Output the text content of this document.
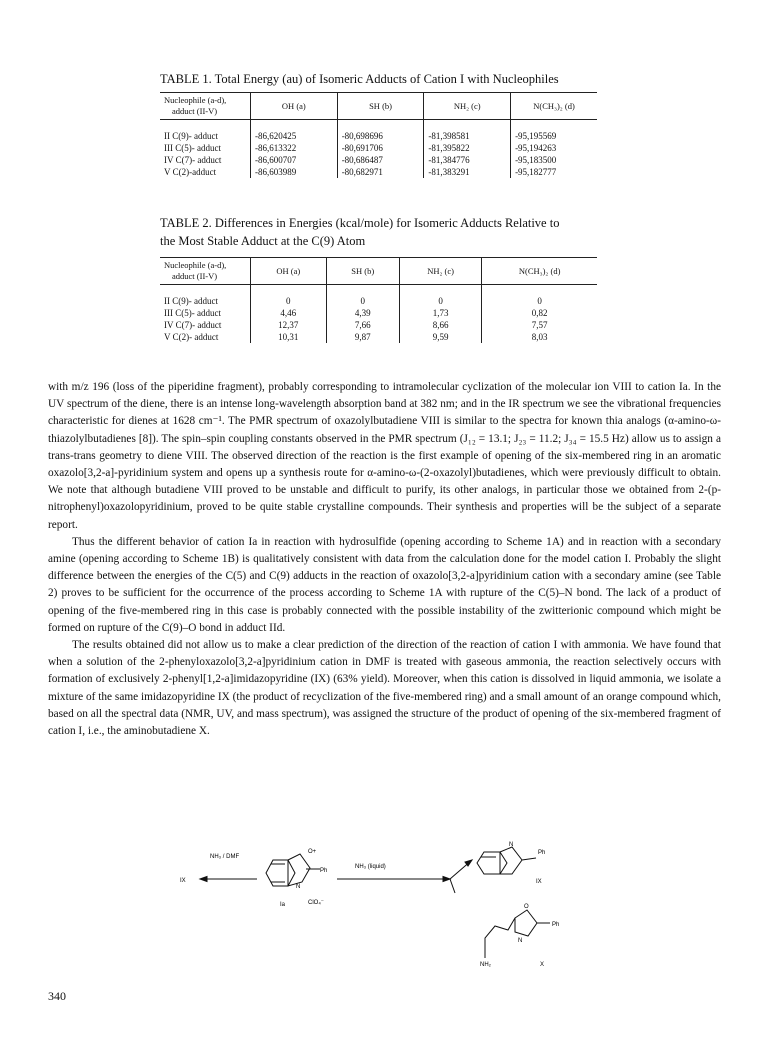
TABLE 1. Total Energy (au) of Isomeric Adducts of Cation I with Nucleophiles
Nucleophile (a-d),
adduct (II-V)	OH (a)	SH (b)	NH₂ (c)	N(CH₃)₂ (d)

II C(9)- adduct	-86,620425	-80,698696	-81,398581	-95,195569
III C(5)- adduct	-86,613322	-80,691706	-81,395822	-95,194263
IV C(7)- adduct	-86,600707	-80,686487	-81,384776	-95,183500
V C(2)-adduct	-86,603989	-80,682971	-81,383291	-95,182777
TABLE 2. Differences in Energies (kcal/mole) for Isomeric Adducts Relative to
the Most Stable Adduct at the C(9) Atom
Nucleophile (a-d),
adduct (II-V)	OH (a)	SH (b)	NH₂ (c)	N(CH₃)₂ (d)

II C(9)- adduct	0	0	0	0
III C(5)- adduct	4,46	4,39	1,73	0,82
IV C(7)- adduct	12,37	7,66	8,66	7,57
V C(2)- adduct	10,31	9,87	9,59	8,03

with m/z 196 (loss of the piperidine fragment), probably corresponding to intramolecular cyclization of the molecular ion VIII to cation Ia. In the UV spectrum of the diene, there is an intense long-wavelength absorption band at 382 nm; and in the IR spectrum we see the vibrational frequencies characteristic for dienes at 1628 cm⁻¹. The PMR spectrum of oxazolylbutadiene VIII is similar to the spectra for known thia analogs (α-amino-ω-thiazolylbutadienes [8]). The spin–spin coupling constants observed in the PMR spectrum (J₁₂ = 13.1; J₂₃ = 11.2; J₃₄ = 15.5 Hz) allow us to assign a trans-trans geometry to diene VIII. The observed direction of the reaction is the first example of opening of the six-membered ring in an aromatic oxazolo[3,2-a]-pyridinium system and opens up a synthesis route for α-amino-ω-(2-oxazolyl)butadienes, which were previously difficult to obtain. We note that although butadiene VIII proved to be unstable and difficult to purify, its other analogs, in particular those we obtained from 2-(p-nitrophenyl)oxazolopyridinium, proved to be quite stable crystalline compounds. Their synthesis and properties will be the subject of a separate report.

Thus the different behavior of cation Ia in reaction with hydrosulfide (opening according to Scheme 1A) and in reaction with a secondary amine (opening according to Scheme 1B) is qualitatively consistent with data from the calculation done for the model cation I. Probably the slight difference between the energies of the C(5) and C(9) adducts in the reaction of oxazolo[3,2-a]pyridinium cation with a secondary amine (see Table 2) proves to be sufficient for the occurrence of the process according to Scheme 1A with rupture of the C(5)–N bond. The lack of a product of opening of the five-membered ring in this case is probably connected with the possible instability of the zwitterionic compound which might be formed on rupture of the C(9)–O bond in adduct IId.

The results obtained did not allow us to make a clear prediction of the direction of the reaction of cation I with ammonia. We have found that when a solution of the 2-phenyloxazolo[3,2-a]pyridinium cation in DMF is treated with gaseous ammonia, the reaction selectively occurs with formation of exclusively 2-phenyl[1,2-a]imidazopyridine (IX) (63% yield). Moreover, when this cation is dissolved in liquid ammonia, we isolate a mixture of the same imidazopyridine IX (the product of recyclization of the five-membered ring) and a small amount of an orange compound which, based on all the spectral data (NMR, UV, and mass spectrum), was assigned the structure of the product of opening of the six-membered fragment of cation I, i.e., the aminobutadiene X.

IX
NH₃ / DMF
O+
N
Ph
Ia	ClO₄⁻
NH₃ (liquid)
N
Ph
IX
O
N
Ph
NH₂	X
340
